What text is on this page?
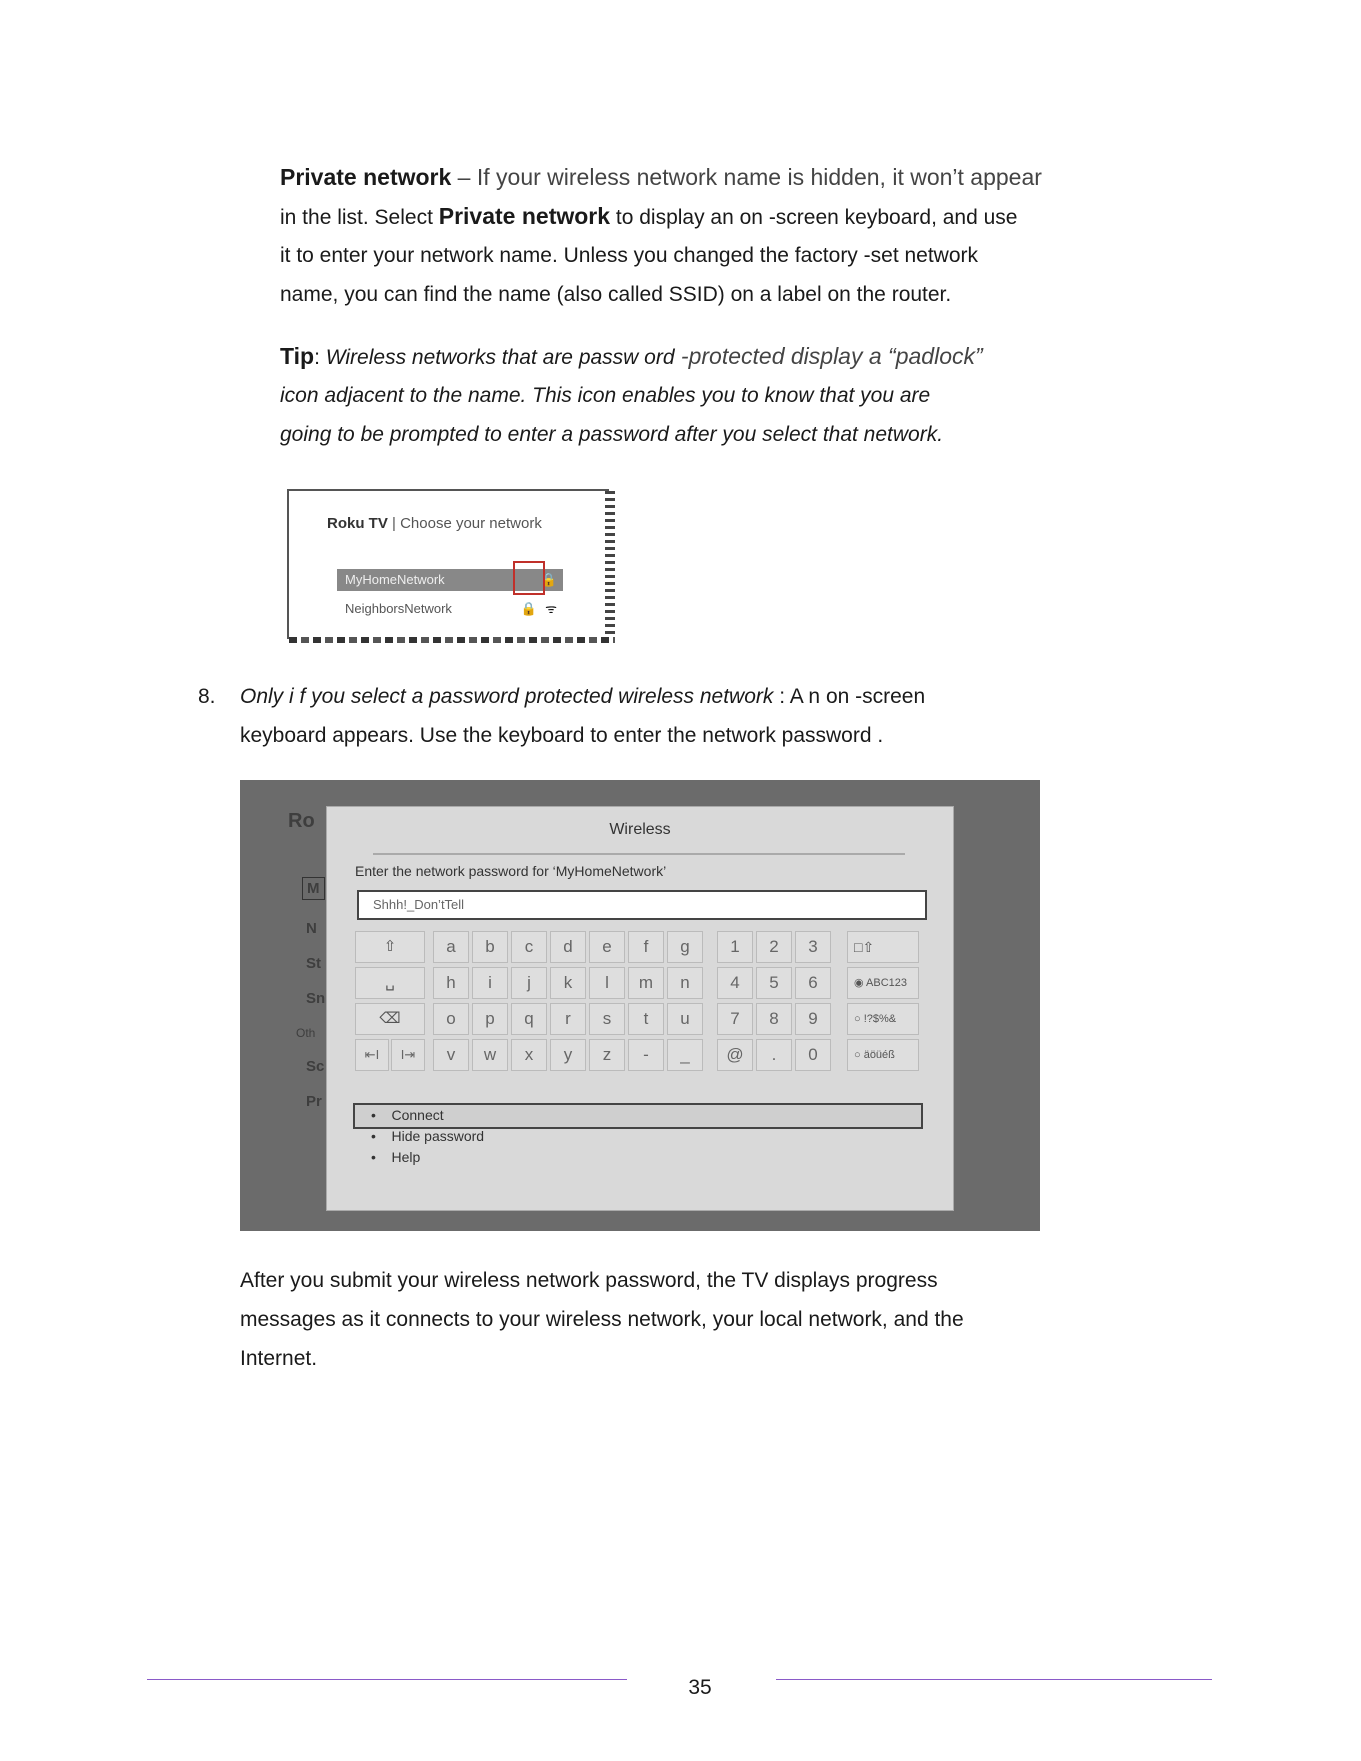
Private network – If your wireless network name is hidden, it won’t appear
in the list. Select Private network to display an on -screen keyboard, and use
it to enter your network name. Unless you changed the factory -set network
name, you can find the name (also called SSID) on a label on the router.
Tip: Wireless networks that are passw ord -protected display a “padlock”
icon adjacent to the name. This icon enables you to know that you are
going to be prompted to enter a password after you select that network.
Roku TV | Choose your network
MyHomeNetwork	🔒
NeighborsNetwork	🔒 ᯤ
8. Only i f you select a password protected wireless network : A n on -screen
keyboard appears. Use the keyboard to enter the network password .
Ro
M
N
St
Sn
Oth
Sc
Pr
Wireless
Enter the network password for ‘MyHomeNetwork’
Shhh!_Don’tTell
⇧
␣
⌫
⇤I	I⇥
a	b	c	d	e	f	g
h	i	j	k	l	m	n
o	p	q	r	s	t	u
v	w	x	y	z	-	_
1	2	3
4	5	6
7	8	9
@	.	0
□⇧
◉ ABC123
○ !?$%&
○ äöüéß
• Connect
• Hide password
• Help
After you submit your wireless network password, the TV displays progress
messages as it connects to your wireless network, your local network, and the
Internet.
35
